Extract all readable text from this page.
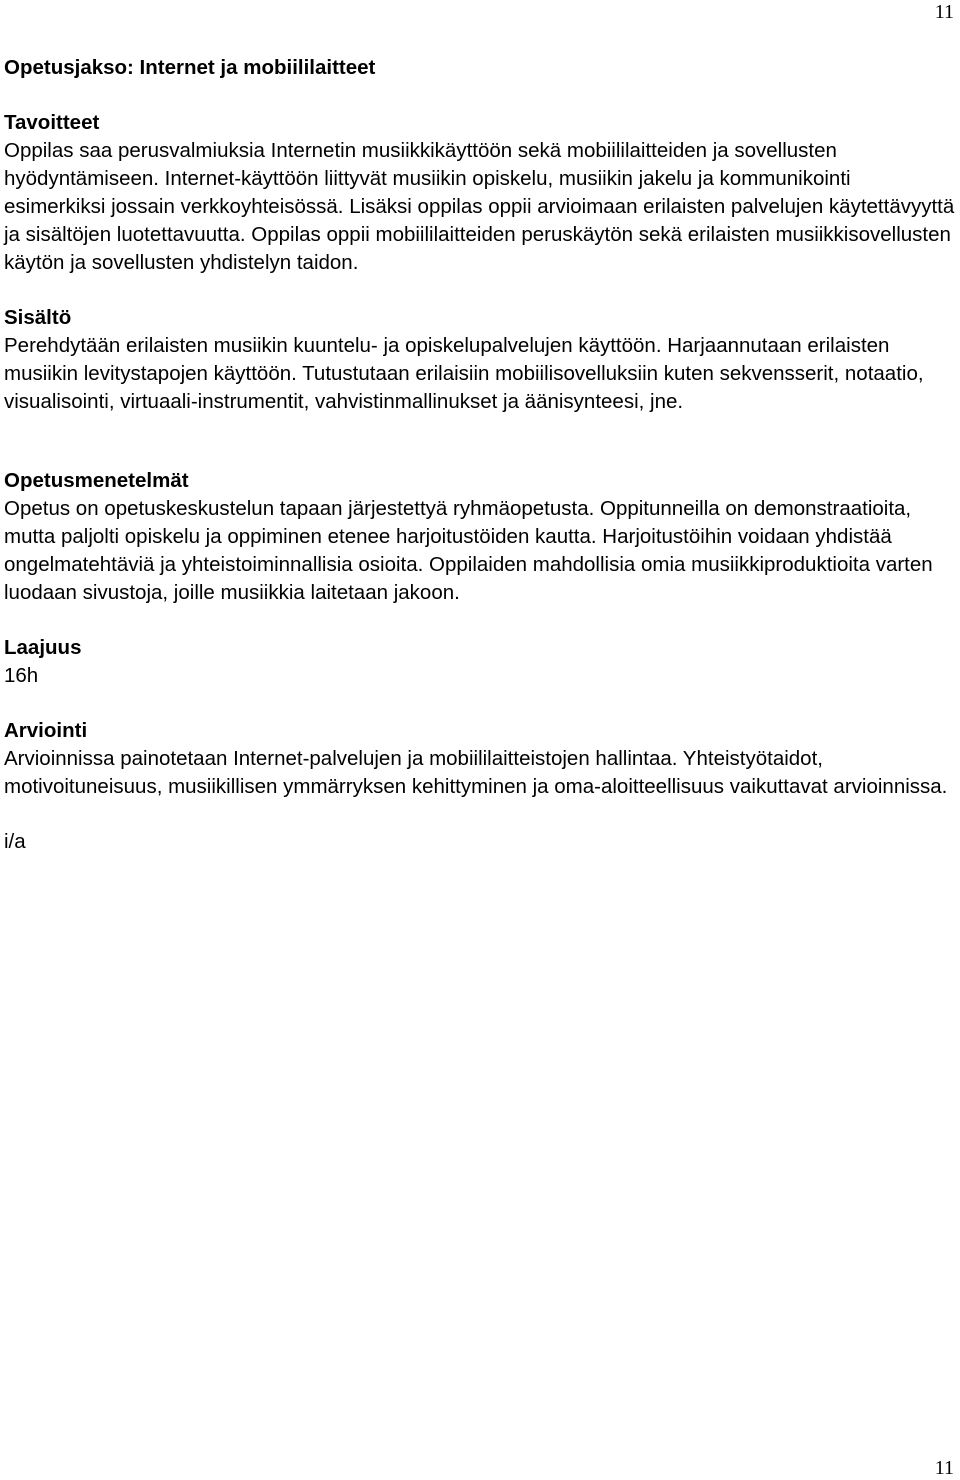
11

Opetusjakso: Internet ja mobiililaitteet

Tavoitteet

Oppilas saa perusvalmiuksia Internetin musiikkikäyttöön sekä mobiililaitteiden ja sovellusten hyödyntämiseen. Internet-käyttöön liittyvät musiikin opiskelu, musiikin jakelu ja kommunikointi esimerkiksi jossain verkkoyhteisössä. Lisäksi oppilas oppii arvioimaan erilaisten palvelujen käytettävyyttä ja sisältöjen luotettavuutta. Oppilas oppii mobiililaitteiden peruskäytön sekä erilaisten musiikkisovellusten käytön ja sovellusten yhdistelyn taidon.

Sisältö

Perehdytään erilaisten musiikin kuuntelu- ja opiskelupalvelujen käyttöön. Harjaannutaan erilaisten musiikin levitystapojen käyttöön. Tutustutaan erilaisiin mobiilisovelluksiin kuten sekvensserit, notaatio, visualisointi, virtuaali-instrumentit, vahvistinmallinukset ja äänisynteesi, jne.

Opetusmenetelmät

Opetus on opetuskeskustelun tapaan järjestettyä ryhmäopetusta. Oppitunneilla on demonstraatioita, mutta paljolti opiskelu ja oppiminen etenee harjoitustöiden kautta. Harjoitustöihin voidaan yhdistää ongelmatehtäviä ja yhteistoiminnallisia osioita. Oppilaiden mahdollisia omia musiikkiproduktioita varten luodaan sivustoja, joille musiikkia laitetaan jakoon.

Laajuus

16h

Arviointi

Arvioinnissa painotetaan Internet-palvelujen ja mobiililaitteistojen hallintaa. Yhteistyötaidot, motivoituneisuus, musiikillisen ymmärryksen kehittyminen ja oma-aloitteellisuus vaikuttavat arvioinnissa.

i/a

11
